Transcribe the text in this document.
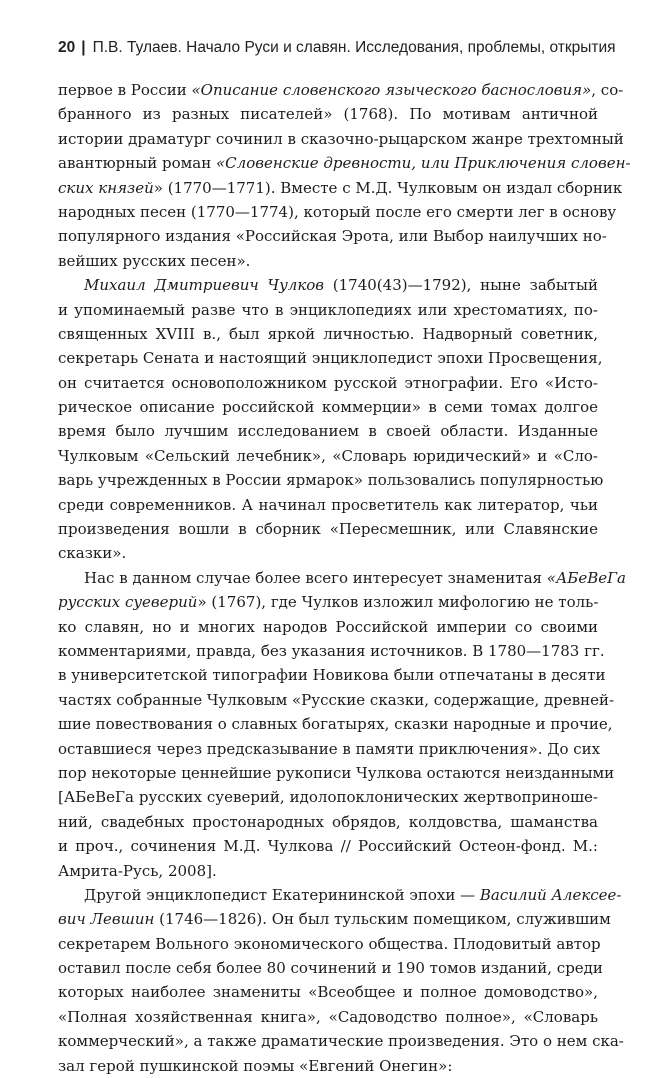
20 | П.В. Тулаев. Начало Руси и славян. Исследования, проблемы, открытия
первое в России «Описание словенского языческого баснословия», со-
бранного из разных писателей» (1768). По мотивам античной
истории драматург сочинил в сказочно-рыцарском жанре трехтомный
авантюрный роман «Словенские древности, или Приключения словен-
ских князей» (1770—1771). Вместе с М.Д. Чулковым он издал сборник
народных песен (1770—1774), который после его смерти лег в основу
популярного издания «Российская Эрота, или Выбор наилучших но-
вейших русских песен».
Михаил Дмитриевич Чулков (1740(43)—1792), ныне забытый
и упоминаемый разве что в энциклопедиях или хрестоматиях, по-
священных XVIII в., был яркой личностью. Надворный советник,
секретарь Сената и настоящий энциклопедист эпохи Просвещения,
он считается основоположником русской этнографии. Его «Исто-
рическое описание российской коммерции» в семи томах долгое
время было лучшим исследованием в своей области. Изданные
Чулковым «Сельский лечебник», «Словарь юридический» и «Сло-
варь учрежденных в России ярмарок» пользовались популярностью
среди современников. А начинал просветитель как литератор, чьи
произведения вошли в сборник «Пересмешник, или Славянские
сказки».
Нас в данном случае более всего интересует знаменитая «АБеВеГа
русских суеверий» (1767), где Чулков изложил мифологию не толь-
ко славян, но и многих народов Российской империи со своими
комментариями, правда, без указания источников. В 1780—1783 гг.
в университетской типографии Новикова были отпечатаны в десяти
частях собранные Чулковым «Русские сказки, содержащие, древней-
шие повествования о славных богатырях, сказки народные и прочие,
оставшиеся через предсказывание в памяти приключения». До сих
пор некоторые ценнейшие рукописи Чулкова остаются неизданными
[АБеВеГа русских суеверий, идолопоклонических жертвоприноше-
ний, свадебных простонародных обрядов, колдовства, шаманства
и проч., сочинения М.Д. Чулкова // Российский Остеон-фонд. М.:
Амрита-Русь, 2008].
Другой энциклопедист Екатерининской эпохи — Василий Алексее-
вич Левшин (1746—1826). Он был тульским помещиком, служившим
секретарем Вольного экономического общества. Плодовитый автор
оставил после себя более 80 сочинений и 190 томов изданий, среди
которых наиболее знамениты «Всеобщее и полное домоводство»,
«Полная хозяйственная книга», «Садоводство полное», «Словарь
коммерческий», а также драматические произведения. Это о нем ска-
зал герой пушкинской поэмы «Евгений Онегин»:
